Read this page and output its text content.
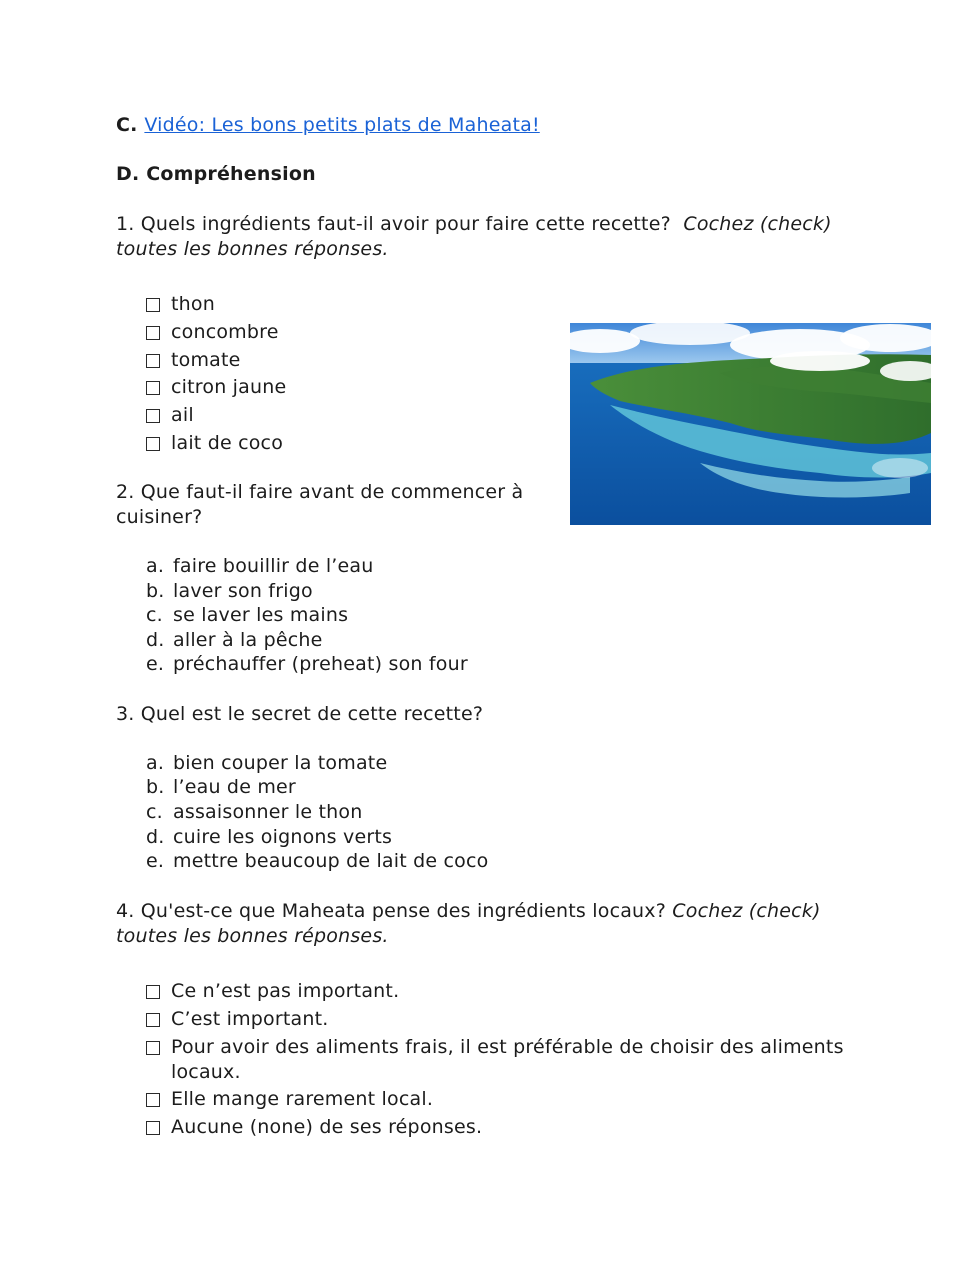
C. Vidéo: Les bons petits plats de Maheata!
D. Compréhension
1. Quels ingrédients faut-il avoir pour faire cette recette? Cochez (check)
toutes les bonnes réponses.
thon
concombre
tomate
citron jaune
ail
lait de coco
2. Que faut-il faire avant de commencer à
cuisiner?
a. faire bouillir de l’eau
b. laver son frigo
c. se laver les mains
d. aller à la pêche
e. préchauffer (preheat) son four
3. Quel est le secret de cette recette?
a. bien couper la tomate
b. l’eau de mer
c. assaisonner le thon
d. cuire les oignons verts
e. mettre beaucoup de lait de coco
4. Qu'est-ce que Maheata pense des ingrédients locaux? Cochez (check)
toutes les bonnes réponses.
Ce n’est pas important.
C’est important.
Pour avoir des aliments frais, il est préférable de choisir des aliments
locaux.
Elle mange rarement local.
Aucune (none) de ses réponses.
